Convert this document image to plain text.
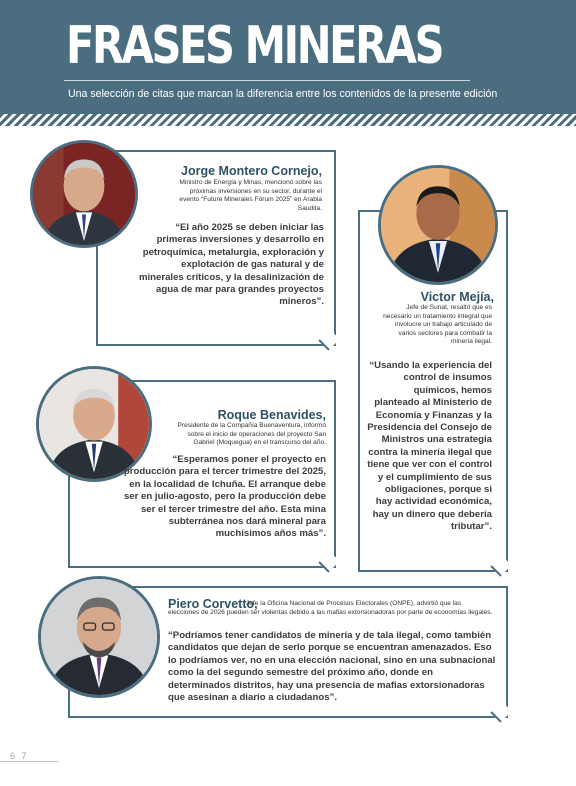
FRASES MINERAS
Una selección de citas que marcan la diferencia entre los contenidos de la presente edición
Jorge Montero Cornejo,
Ministro de Energía y Minas, mencionó sobre las próximas inversiones en su sector, durante el evento “Future Minerales Fórum 2025” en Arabia Saudita.
“El año 2025 se deben iniciar las primeras inversiones y desarrollo en petroquímica, metalurgia, exploración y explotación de gas natural y de minerales críticos, y la desalinización de agua de mar para grandes proyectos mineros”.	Victor Mejía,
Jefe de Sunat, resaltó que es necesario un tratamiento integral que involucre un trabajo articulado de varios sectores para combatir la minería ilegal.
“Usando la experiencia del control de insumos químicos, hemos planteado al Ministerio de Economía y Finanzas y la Presidencia del Consejo de Ministros una estrategia contra la minería ilegal que tiene que ver con el control y el cumplimiento de sus obligaciones, porque si hay actividad económica, hay un dinero que debería tributar”.
Roque Benavides,
Presidente de la Compañía Buenaventura, informó sobre el inicio de operaciones del proyecto San Gabriel (Moquegua) en el transcurso del año.
“Esperamos poner el proyecto en producción para el tercer trimestre del 2025, en la localidad de Ichuña. El arranque debe ser en julio-agosto, pero la producción debe ser el tercer trimestre del año. Esta mina subterránea nos dará mineral para muchísimos años más”.
Piero Corvetto,
Jefe la Oficina Nacional de Procesos Electorales (ONPE), advirtió que las elecciones de 2026 pueden ser violentas debido a las mafias extorsionadoras por parte de economías ilegales.
“Podríamos tener candidatos de minería y de tala ilegal, como también candidatos que dejan de serlo porque se encuentran amenazados. Eso lo podríamos ver, no en una elección nacional, sino en una subnacional como la del segundo semestre del próximo año, donde en determinados distritos, hay una presencia de mafias extorsionadoras que asesinan a diario a ciudadanos”.
6 7
